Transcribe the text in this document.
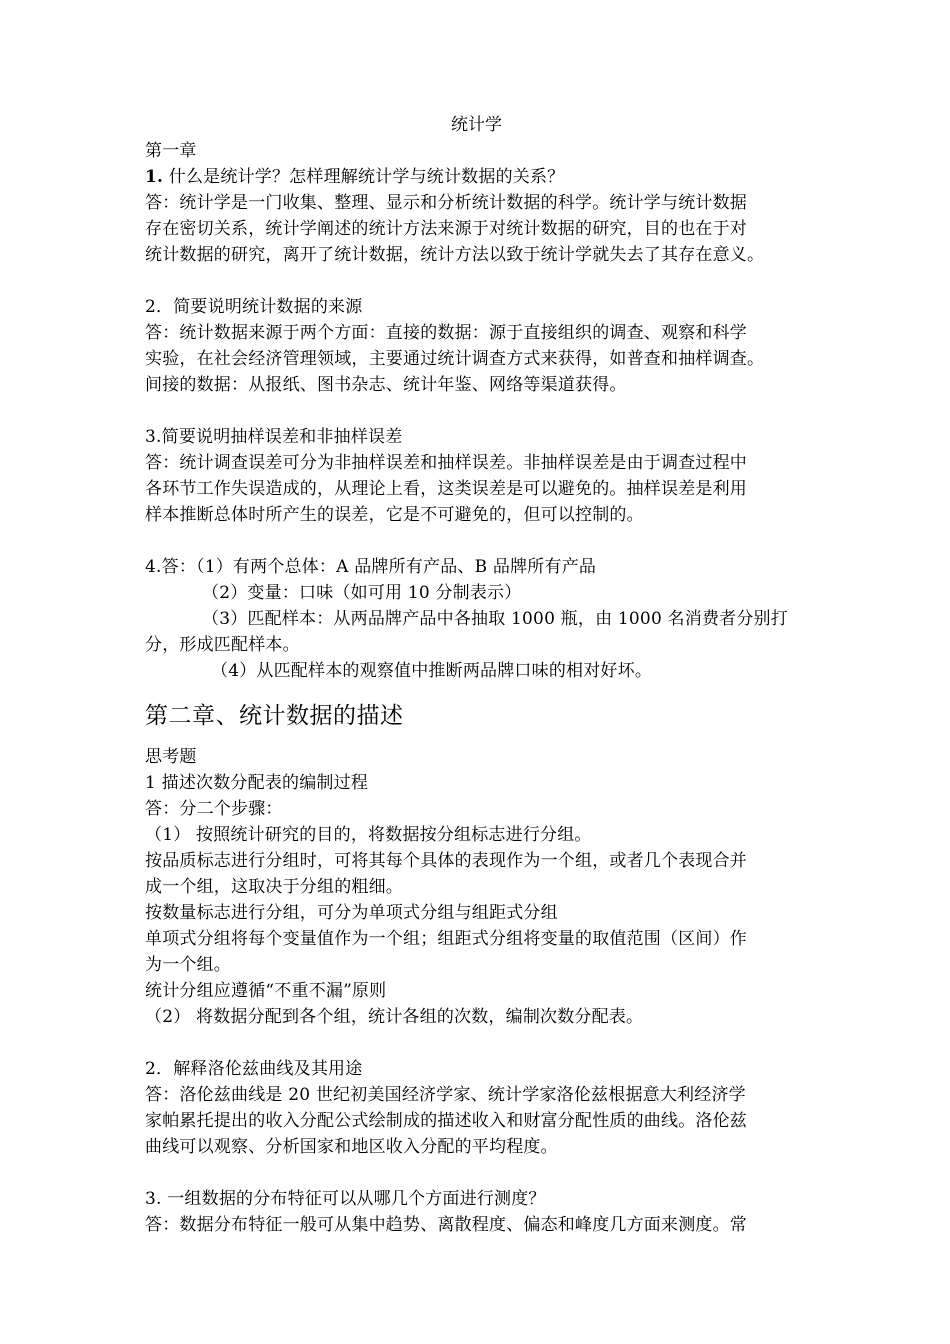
统计学
第一章
1. 什么是统计学？怎样理解统计学与统计数据的关系？
答：统计学是一门收集、整理、显示和分析统计数据的科学。统计学与统计数据
存在密切关系，统计学阐述的统计方法来源于对统计数据的研究，目的也在于对
统计数据的研究，离开了统计数据，统计方法以致于统计学就失去了其存在意义。
2．简要说明统计数据的来源
答：统计数据来源于两个方面：直接的数据：源于直接组织的调查、观察和科学
实验，在社会经济管理领域，主要通过统计调查方式来获得，如普查和抽样调查。
间接的数据：从报纸、图书杂志、统计年鉴、网络等渠道获得。
3.简要说明抽样误差和非抽样误差
答：统计调查误差可分为非抽样误差和抽样误差。非抽样误差是由于调查过程中
各环节工作失误造成的，从理论上看，这类误差是可以避免的。抽样误差是利用
样本推断总体时所产生的误差，它是不可避免的，但可以控制的。
4.答：（1）有两个总体：A 品牌所有产品、B 品牌所有产品
（2）变量：口味（如可用 10 分制表示）
（3）匹配样本：从两品牌产品中各抽取 1000 瓶，由 1000 名消费者分别打
分，形成匹配样本。
（4）从匹配样本的观察值中推断两品牌口味的相对好坏。
第二章、统计数据的描述
思考题
1 描述次数分配表的编制过程
答：分二个步骤：
（1） 按照统计研究的目的，将数据按分组标志进行分组。
按品质标志进行分组时，可将其每个具体的表现作为一个组，或者几个表现合并
成一个组，这取决于分组的粗细。
按数量标志进行分组，可分为单项式分组与组距式分组
单项式分组将每个变量值作为一个组；组距式分组将变量的取值范围（区间）作
为一个组。
统计分组应遵循“不重不漏”原则
（2） 将数据分配到各个组，统计各组的次数，编制次数分配表。
2．解释洛伦兹曲线及其用途
答：洛伦兹曲线是 20 世纪初美国经济学家、统计学家洛伦兹根据意大利经济学
家帕累托提出的收入分配公式绘制成的描述收入和财富分配性质的曲线。洛伦兹
曲线可以观察、分析国家和地区收入分配的平均程度。
3. 一组数据的分布特征可以从哪几个方面进行测度？
答：数据分布特征一般可从集中趋势、离散程度、偏态和峰度几方面来测度。常
